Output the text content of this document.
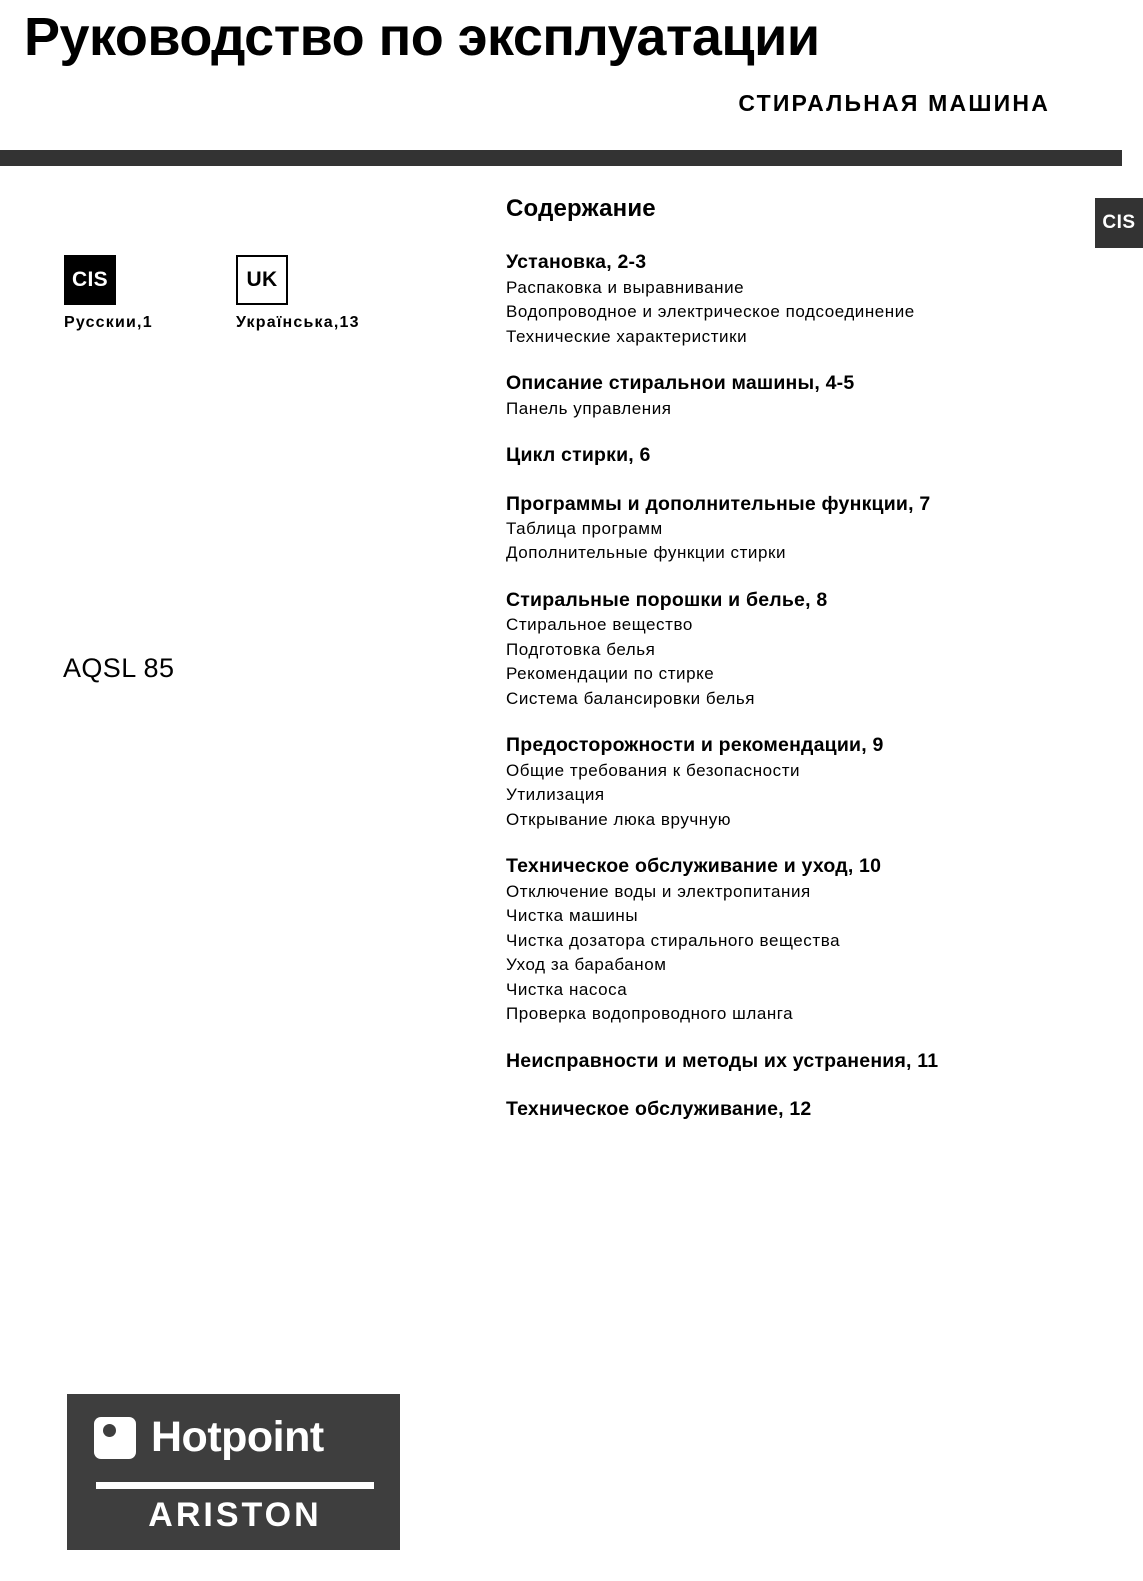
Руководство по эксплуатации
СТИРАЛЬНАЯ МАШИНА
CIS
CIS
Русскии,1
UK
Українська,13
AQSL 85
Hotpoint
ARISTON
Содержание
Установка, 2-3
Распаковка и выравнивание
Водопроводное и электрическое подсоединение
Технические характеристики
Описание стиральнои машины, 4-5
Панель управления
Цикл стирки, 6
Программы и дополнительные функции, 7
Таблица программ
Дополнительные функции стирки
Стиральные порошки и белье, 8
Стиральное вещество
Подготовка белья
Рекомендации по стирке
Система балансировки белья
Предосторожности и рекомендации, 9
Общие требования к безопасности
Утилизация
Открывание люка вручную
Техническое обслуживание и уход, 10
Отключение воды и электропитания
Чистка машины
Чистка дозатора стирального вещества
Уход за барабаном
Чистка насоса
Проверка водопроводного шланга
Неисправности и методы их устранения, 11
Техническое обслуживание, 12
